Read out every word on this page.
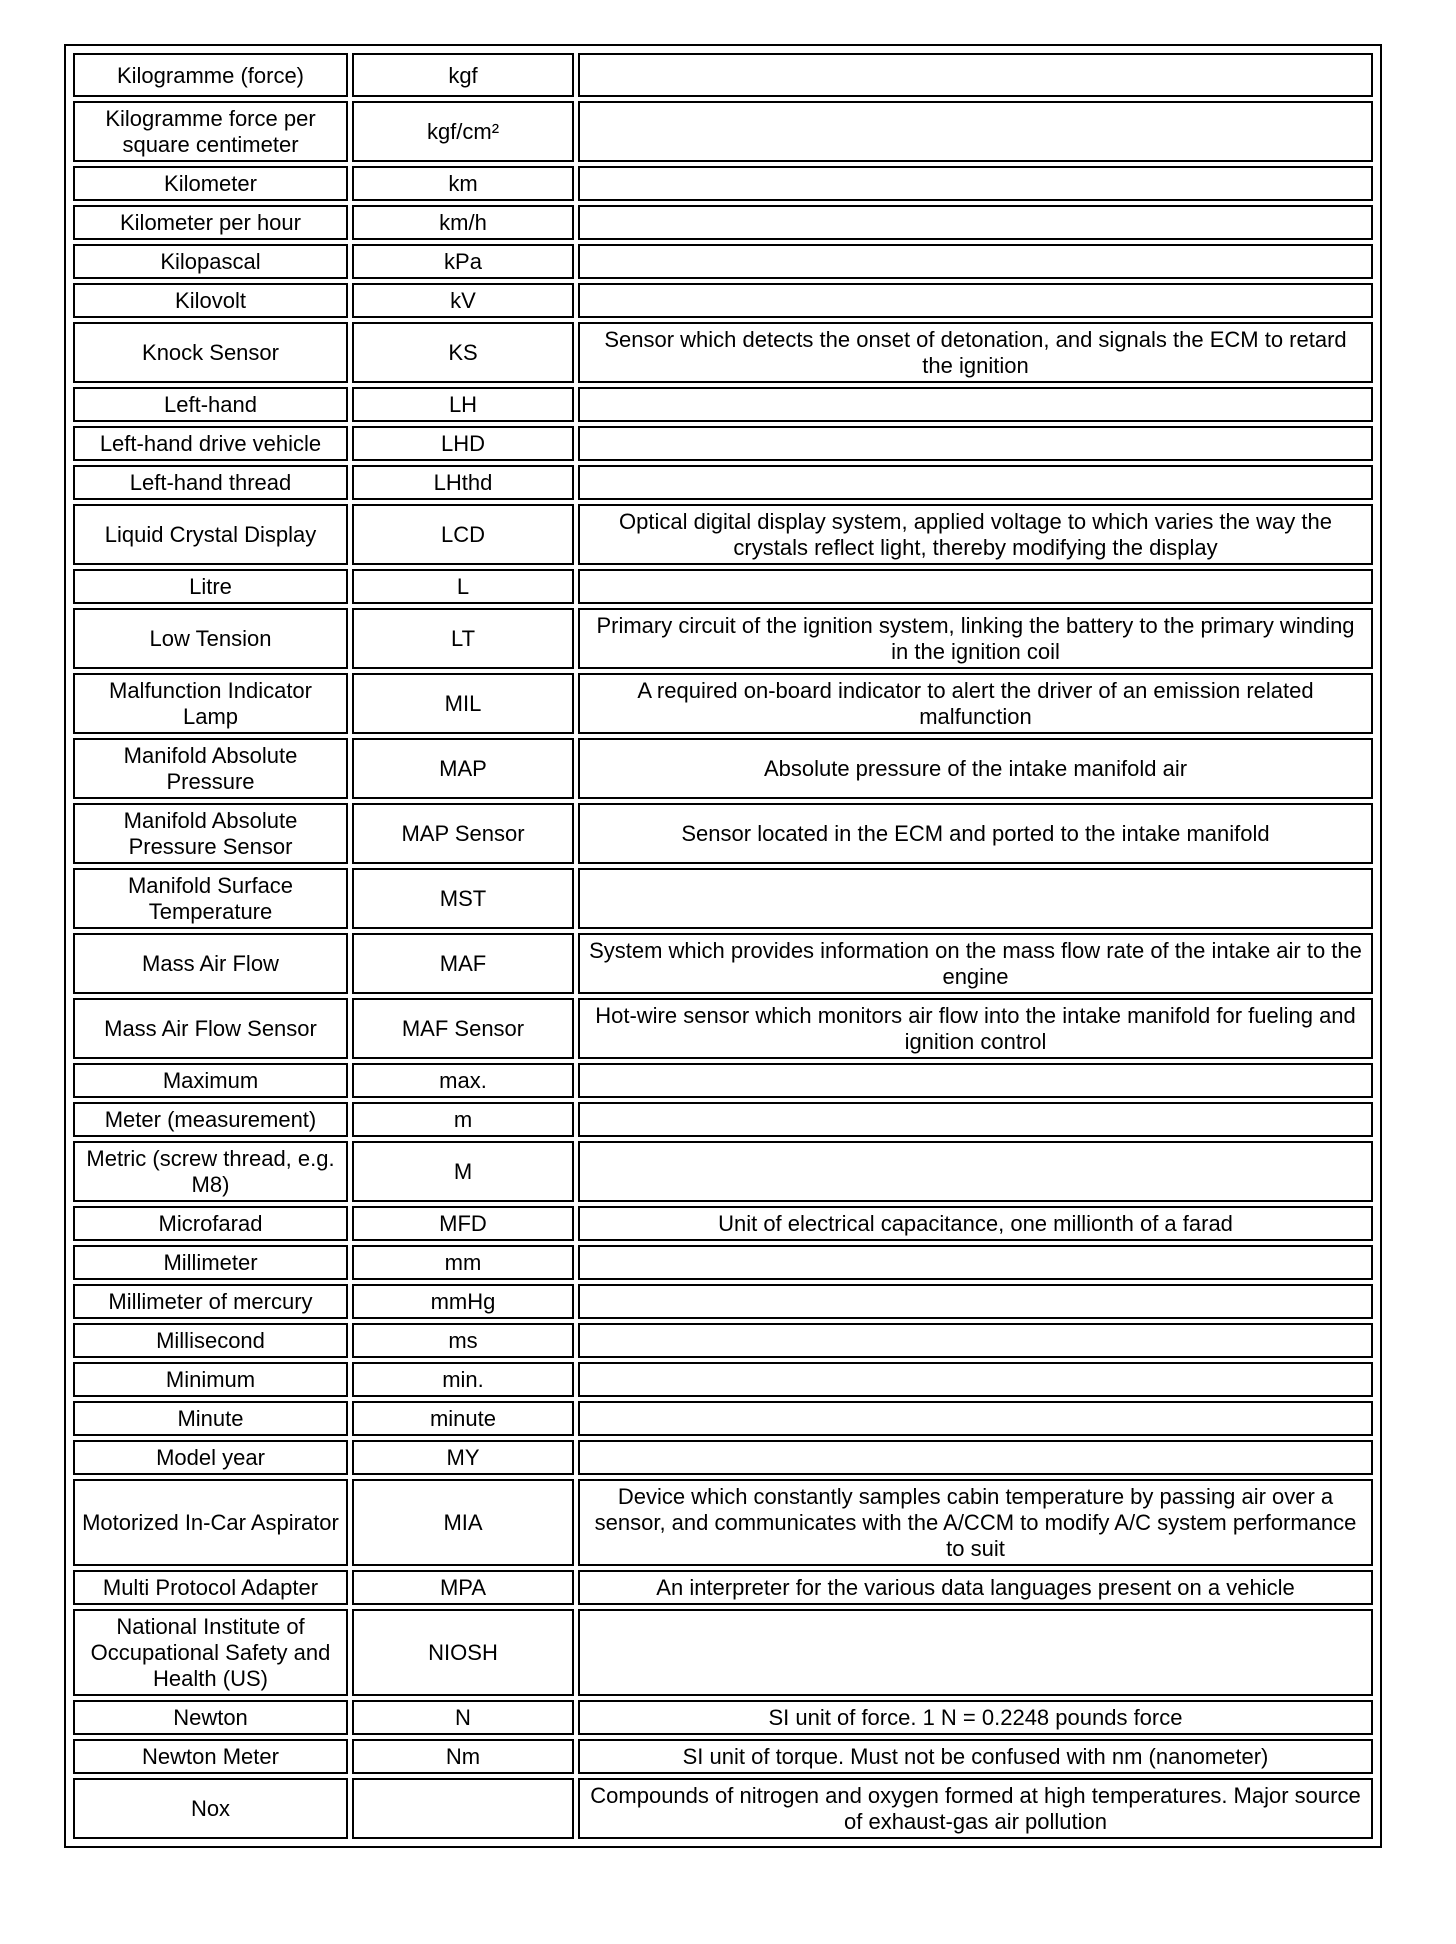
Kilogramme (force)	kgf	
Kilogramme force per square centimeter	kgf/cm²	
Kilometer	km	
Kilometer per hour	km/h	
Kilopascal	kPa	
Kilovolt	kV	
Knock Sensor	KS	Sensor which detects the onset of detonation, and signals the ECM to retard the ignition
Left-hand	LH	
Left-hand drive vehicle	LHD	
Left-hand thread	LHthd	
Liquid Crystal Display	LCD	Optical digital display system, applied voltage to which varies the way the crystals reflect light, thereby modifying the display
Litre	L	
Low Tension	LT	Primary circuit of the ignition system, linking the battery to the primary winding in the ignition coil
Malfunction Indicator Lamp	MIL	A required on-board indicator to alert the driver of an emission related malfunction
Manifold Absolute Pressure	MAP	Absolute pressure of the intake manifold air
Manifold Absolute Pressure Sensor	MAP Sensor	Sensor located in the ECM and ported to the intake manifold
Manifold Surface Temperature	MST	
Mass Air Flow	MAF	System which provides information on the mass flow rate of the intake air to the engine
Mass Air Flow Sensor	MAF Sensor	Hot-wire sensor which monitors air flow into the intake manifold for fueling and ignition control
Maximum	max.	
Meter (measurement)	m	
Metric (screw thread, e.g. M8)	M	
Microfarad	MFD	Unit of electrical capacitance, one millionth of a farad
Millimeter	mm	
Millimeter of mercury	mmHg	
Millisecond	ms	
Minimum	min.	
Minute	minute	
Model year	MY	
Motorized In-Car Aspirator	MIA	Device which constantly samples cabin temperature by passing air over a sensor, and communicates with the A/CCM to modify A/C system performance to suit
Multi Protocol Adapter	MPA	An interpreter for the various data languages present on a vehicle
National Institute of Occupational Safety and Health (US)	NIOSH	
Newton	N	SI unit of force. 1 N = 0.2248 pounds force
Newton Meter	Nm	SI unit of torque. Must not be confused with nm (nanometer)
Nox		Compounds of nitrogen and oxygen formed at high temperatures. Major source of exhaust-gas air pollution
